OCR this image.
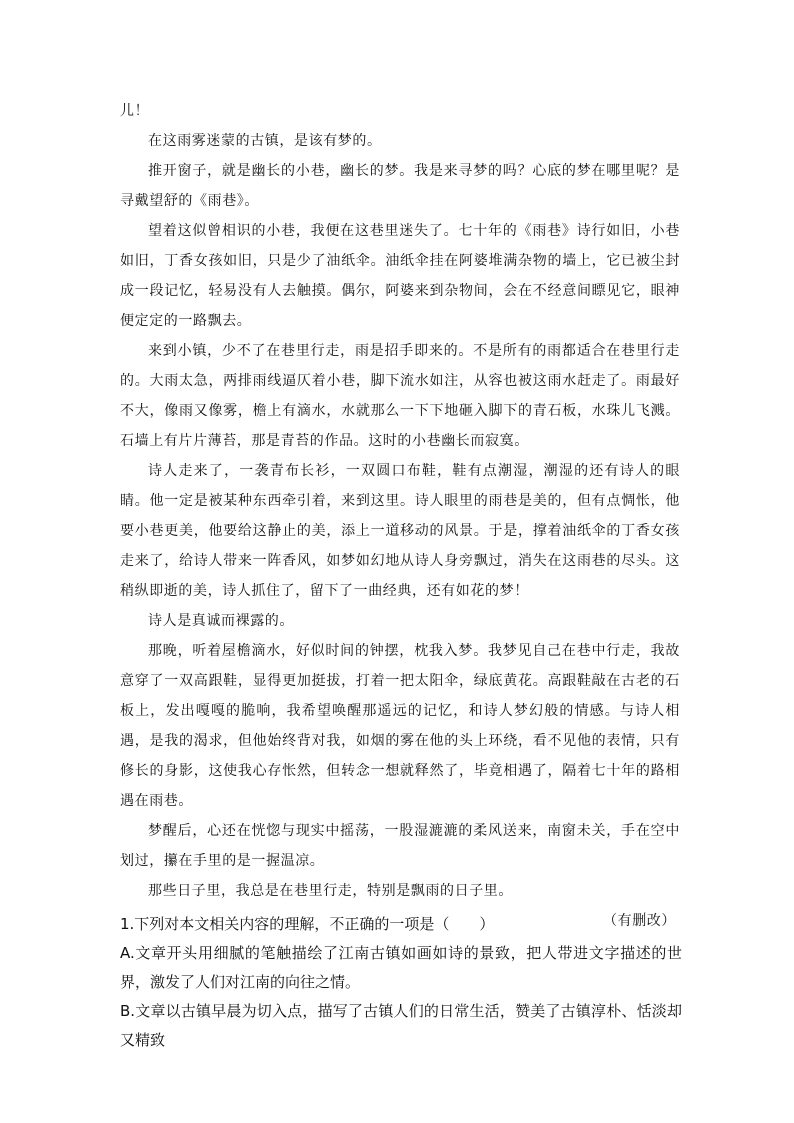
儿！

在这雨雾迷蒙的古镇，是该有梦的。

推开窗子，就是幽长的小巷，幽长的梦。我是来寻梦的吗？心底的梦在哪里呢？是寻戴望舒的《雨巷》。

望着这似曾相识的小巷，我便在这巷里迷失了。七十年的《雨巷》诗行如旧，小巷如旧，丁香女孩如旧，只是少了油纸伞。油纸伞挂在阿婆堆满杂物的墙上，它已被尘封成一段记忆，轻易没有人去触摸。偶尔，阿婆来到杂物间，会在不经意间瞟见它，眼神便定定的一路飘去。

来到小镇，少不了在巷里行走，雨是招手即来的。不是所有的雨都适合在巷里行走的。大雨太急，两排雨线逼仄着小巷，脚下流水如注，从容也被这雨水赶走了。雨最好不大，像雨又像雾，檐上有滴水，水就那么一下下地砸入脚下的青石板，水珠儿飞溅。石墙上有片片薄苔，那是青苔的作品。这时的小巷幽长而寂寞。

诗人走来了，一袭青布长衫，一双圆口布鞋，鞋有点潮湿，潮湿的还有诗人的眼睛。他一定是被某种东西牵引着，来到这里。诗人眼里的雨巷是美的，但有点惆怅，他要小巷更美，他要给这静止的美，添上一道移动的风景。于是，撑着油纸伞的丁香女孩走来了，给诗人带来一阵香风，如梦如幻地从诗人身旁飘过，消失在这雨巷的尽头。这稍纵即逝的美，诗人抓住了，留下了一曲经典，还有如花的梦！

诗人是真诚而裸露的。

那晚，听着屋檐滴水，好似时间的钟摆，枕我入梦。我梦见自己在巷中行走，我故意穿了一双高跟鞋，显得更加挺拔，打着一把太阳伞，绿底黄花。高跟鞋敲在古老的石板上，发出嘎嘎的脆响，我希望唤醒那遥远的记忆，和诗人梦幻般的情感。与诗人相遇，是我的渴求，但他始终背对我，如烟的雾在他的头上环绕，看不见他的表情，只有修长的身影，这使我心存怅然，但转念一想就释然了，毕竟相遇了，隔着七十年的路相遇在雨巷。

梦醒后，心还在恍惚与现实中摇荡，一股湿漉漉的柔风送来，南窗未关，手在空中划过，攥在手里的是一握温凉。

那些日子里，我总是在巷里行走，特别是飘雨的日子里。

（有删改）

1.下列对本文相关内容的理解，不正确的一项是（　　）

A.文章开头用细腻的笔触描绘了江南古镇如画如诗的景致，把人带进文字描述的世界，激发了人们对江南的向往之情。
B.文章以古镇早晨为切入点，描写了古镇人们的日常生活，赞美了古镇淳朴、恬淡却又精致
